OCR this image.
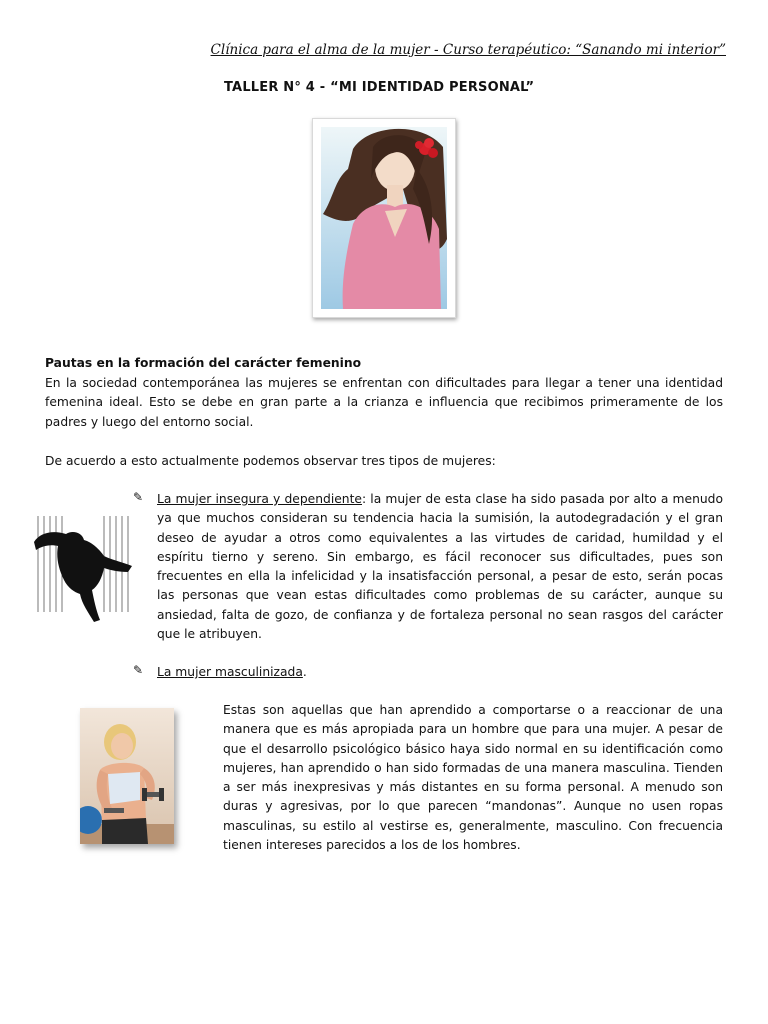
Clínica para el alma de la mujer - Curso terapéutico: “Sanando mi interior”
TALLER N° 4 - “MI IDENTIDAD PERSONAL”
Pautas en la formación del carácter femenino
En la sociedad contemporánea las mujeres se enfrentan con dificultades para llegar a tener una identidad femenina ideal. Esto se debe en gran parte a la crianza e influencia que recibimos primeramente de los padres y luego del entorno social.
De acuerdo a esto actualmente podemos observar tres tipos de mujeres:
✎ La mujer insegura y dependiente: la mujer de esta clase ha sido pasada por alto a menudo ya que muchos consideran su tendencia hacia la sumisión, la autodegradación y el gran deseo de ayudar a otros como equivalentes a las virtudes de caridad, humildad y el espíritu tierno y sereno. Sin embargo, es fácil reconocer sus dificultades, pues son frecuentes en ella la infelicidad y la insatisfacción personal, a pesar de esto, serán pocas las personas que vean estas dificultades como problemas de su carácter, aunque su ansiedad, falta de gozo, de confianza y de fortaleza personal no sean rasgos del carácter que le atribuyen.
✎ La mujer masculinizada.
Estas son aquellas que han aprendido a comportarse o a reaccionar de una manera que es más apropiada para un hombre que para una mujer. A pesar de que el desarrollo psicológico básico haya sido normal en su identificación como mujeres, han aprendido o han sido formadas de una manera masculina. Tienden a ser más inexpresivas y más distantes en su forma personal. A menudo son duras y agresivas, por lo que parecen “mandonas”. Aunque no usen ropas masculinas, su estilo al vestirse es, generalmente, masculino. Con frecuencia tienen intereses parecidos a los de los hombres.
